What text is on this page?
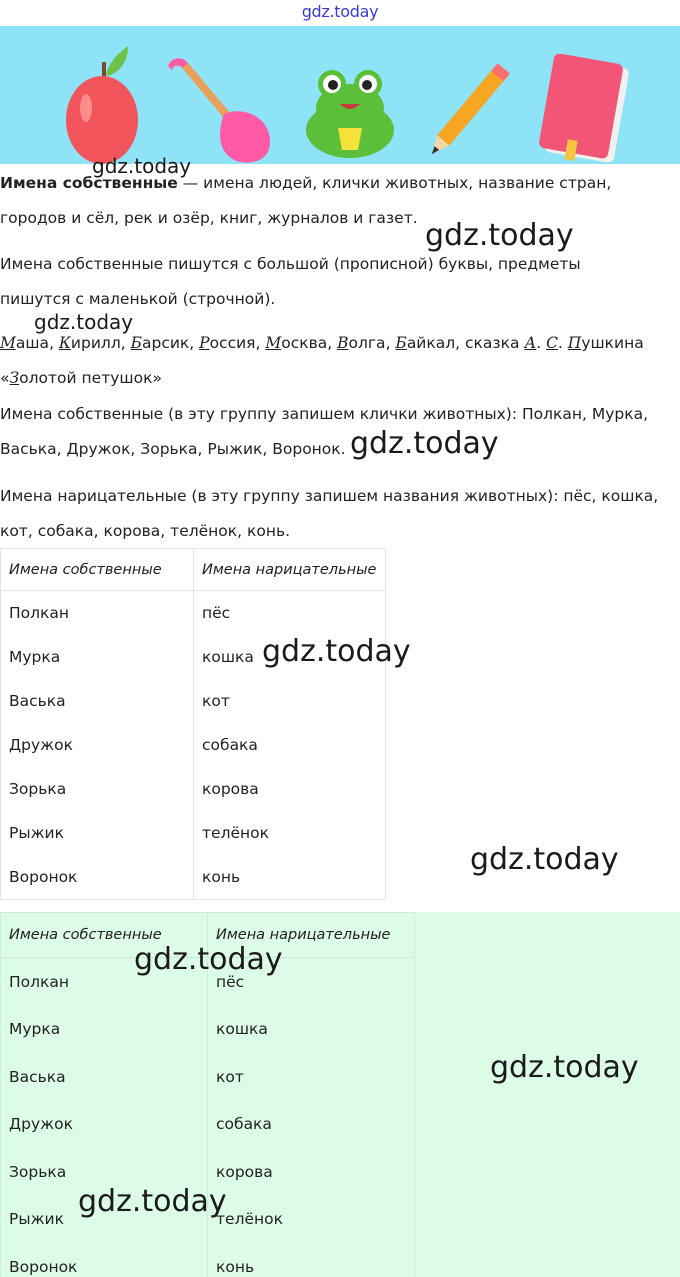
gdz.today
Имена собственные — имена людей, клички животных, название стран,
городов и сёл, рек и озёр, книг, журналов и газет.
Имена собственные пишутся с большой (прописной) буквы, предметы
пишутся с маленькой (строчной).
Маша, Кирилл, Барсик, Россия, Москва, Волга, Байкал, сказка А. С. Пушкина
«Золотой петушок»
Имена собственные (в эту группу запишем клички животных): Полкан, Мурка,
Васька, Дружок, Зорька, Рыжик, Воронок.
Имена нарицательные (в эту группу запишем названия животных): пёс, кошка,
кот, собака, корова, телёнок, конь.
Имена собственные	Имена нарицательные
Полкан	пёс
Мурка	кошка
Васька	кот
Дружок	собака
Зорька	корова
Рыжик	телёнок
Воронок	конь
Имена собственные	Имена нарицательные
Полкан	пёс
Мурка	кошка
Васька	кот
Дружок	собака
Зорька	корова
Рыжик	телёнок
Воронок	конь
gdz.today
gdz.today
gdz.today
gdz.today
gdz.today
gdz.today
gdz.today
gdz.today
gdz.today
